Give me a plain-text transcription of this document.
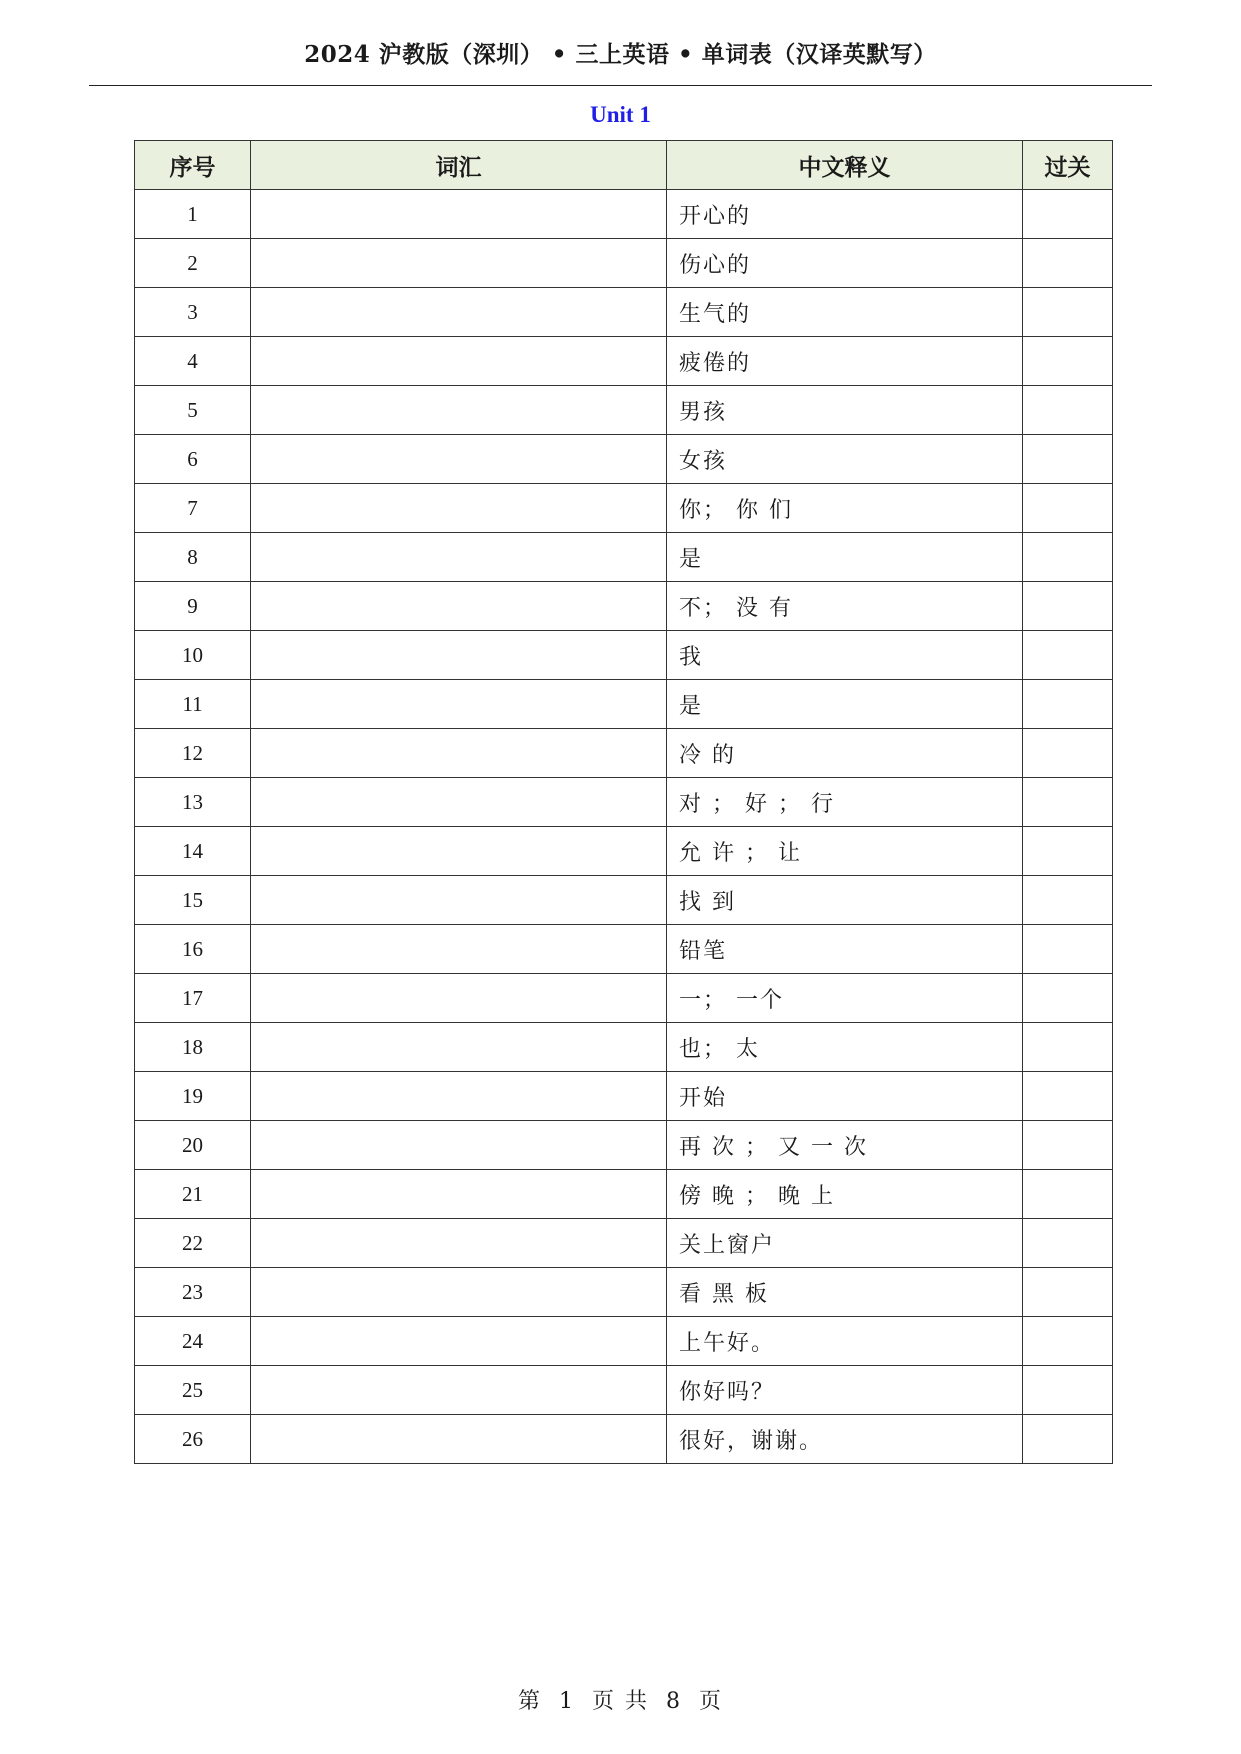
2024 沪教版（深圳） • 三上英语 • 单词表（汉译英默写）
Unit 1
序号	词汇	中文释义	过关
1		开心的	
2		伤心的	
3		生气的	
4		疲倦的	
5		男孩	
6		女孩	
7		你； 你 们	
8		是	
9		不； 没 有	
10		我	
11		是	
12		冷 的	
13		对 ； 好 ； 行	
14		允 许 ； 让	
15		找 到	
16		铅笔	
17		一； 一个	
18		也； 太	
19		开始	
20		再 次 ； 又 一 次	
21		傍 晚 ； 晚 上	
22		关上窗户	
23		看 黑 板	
24		上午好。	
25		你好吗？	
26		很好，谢谢。	
第 1 页 共 8 页
